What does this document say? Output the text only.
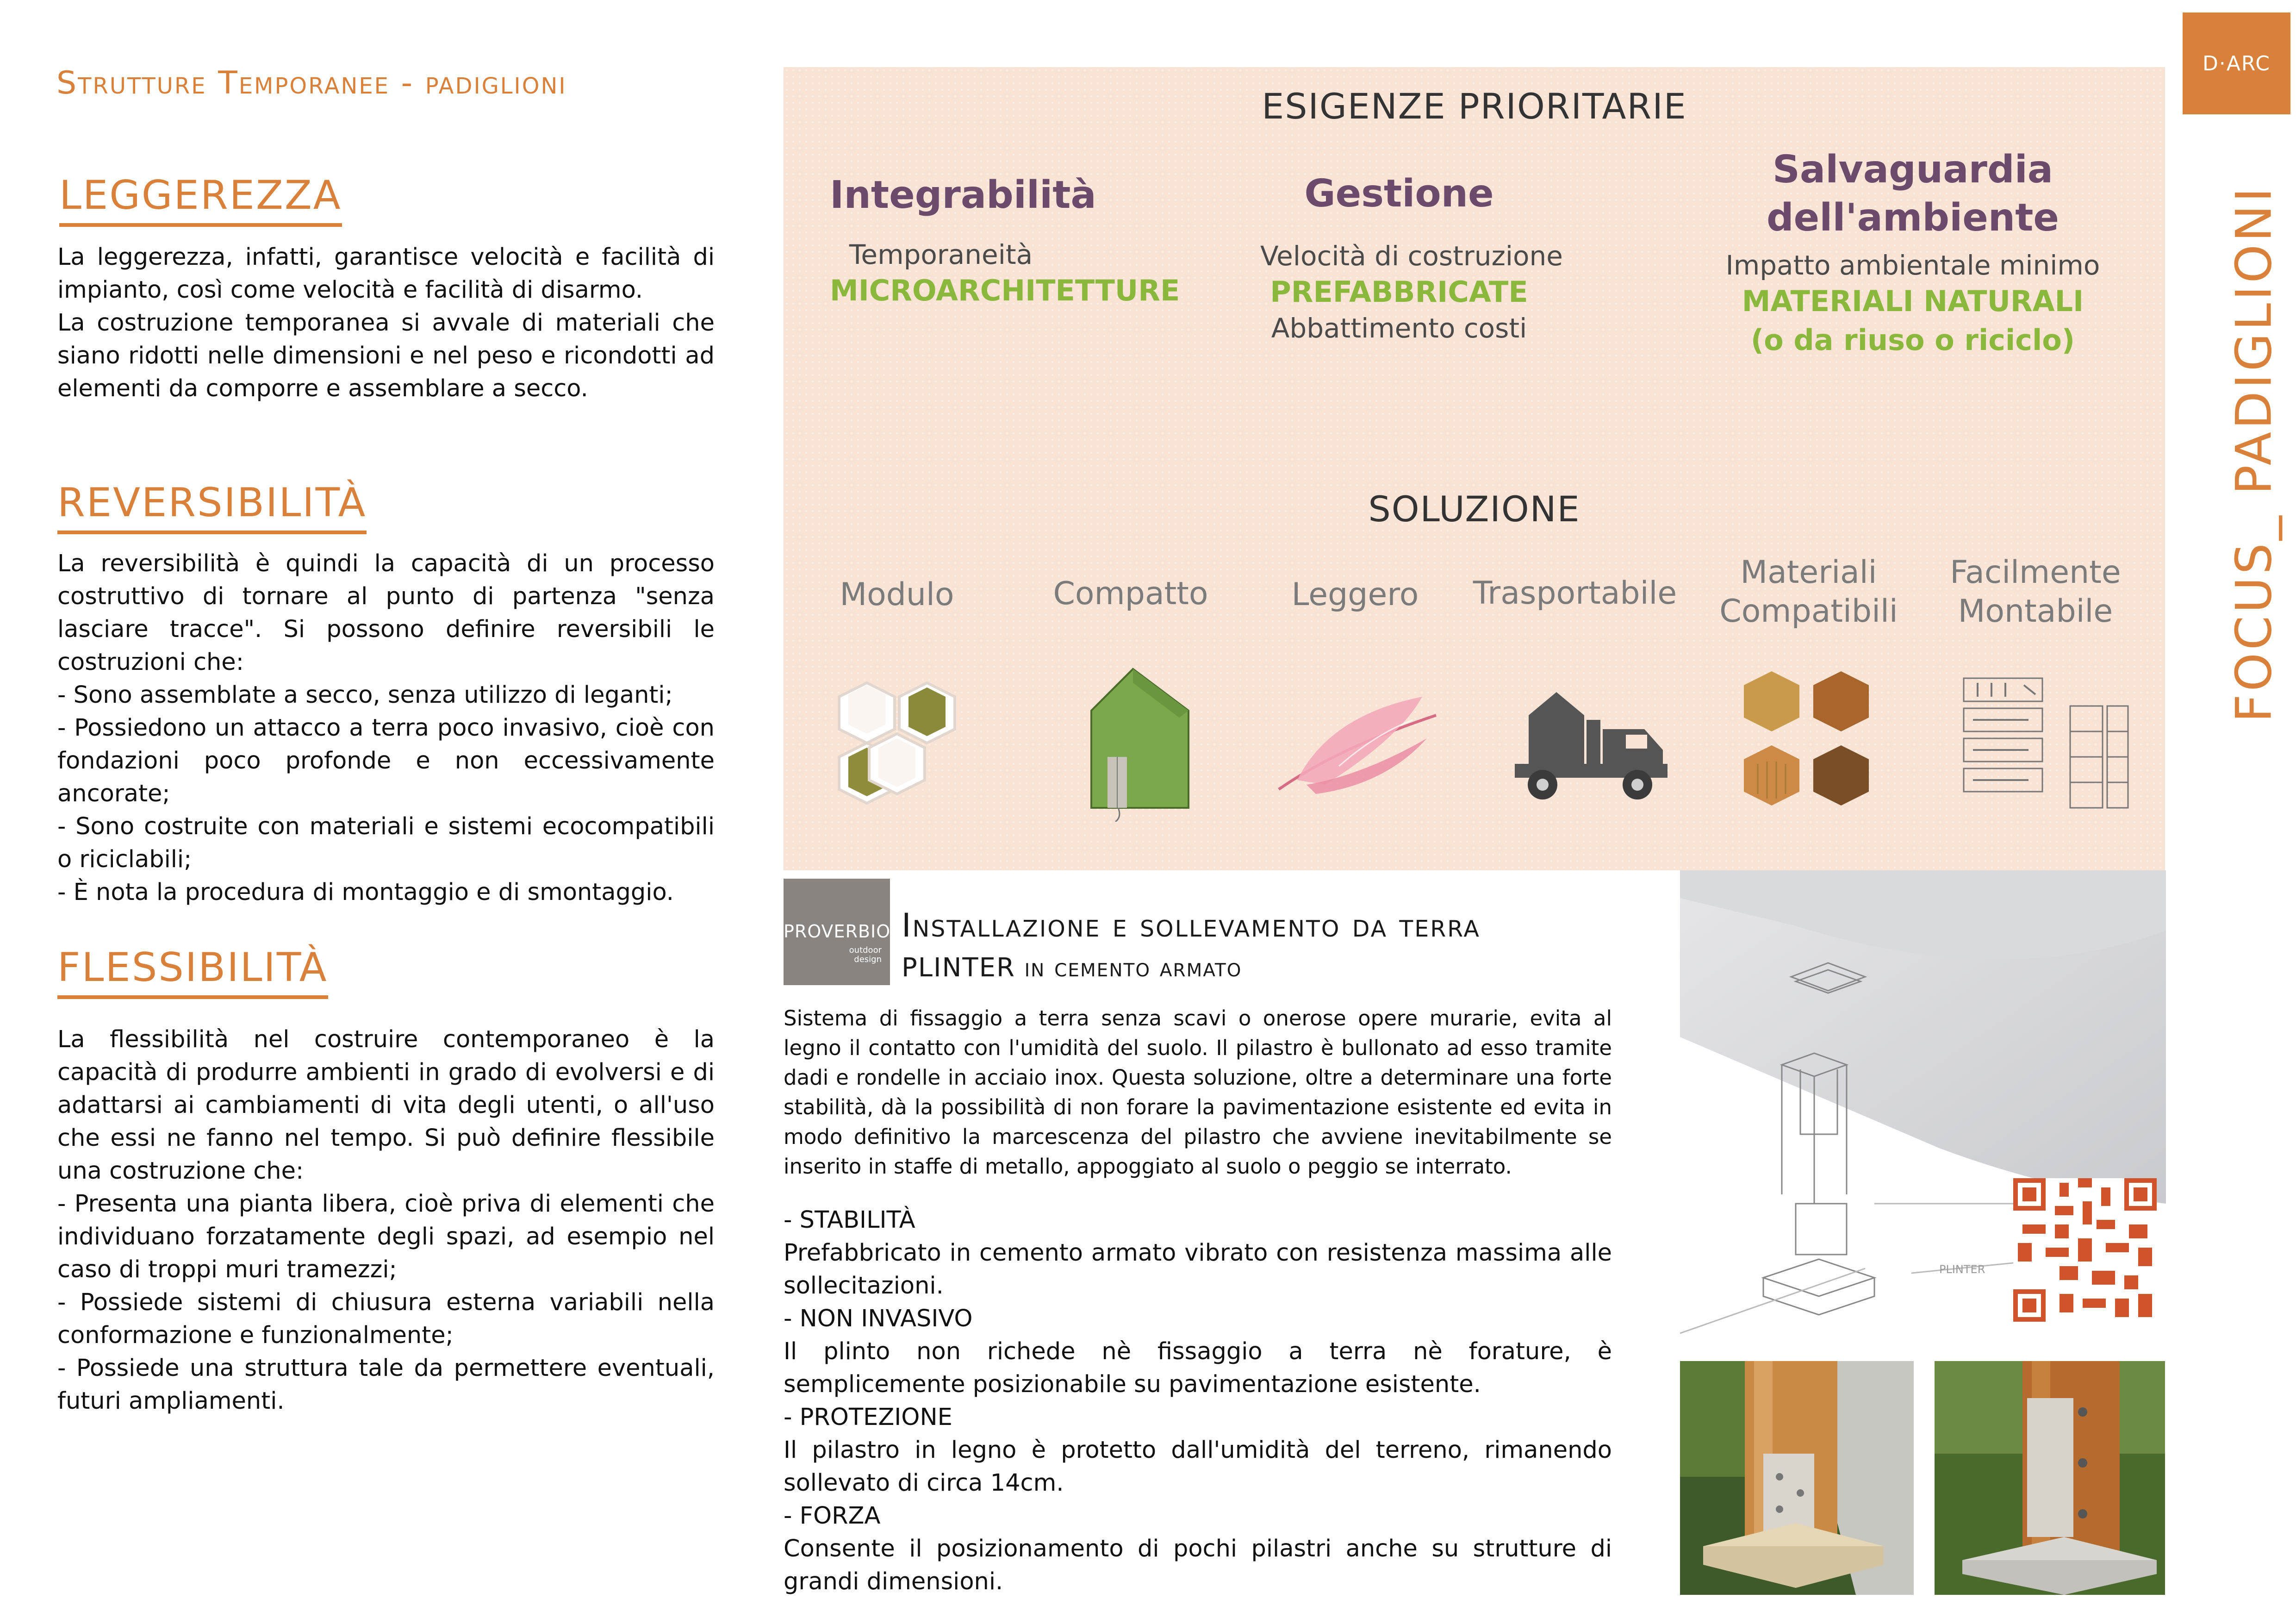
Strutture Temporanee - padiglioni
LEGGEREZZA

La leggerezza, infatti, garantisce velocità e facilità di impianto, così come velocità e facilità di disarmo.

La costruzione temporanea si avvale di materiali che siano ridotti nelle dimensioni e nel peso e ricondotti ad elementi da comporre e assemblare a secco.

REVERSIBILITÀ

La reversibilità è quindi la capacità di un processo costruttivo di tornare al punto di partenza "senza lasciare tracce". Si possono definire reversibili le costruzioni che:

- Sono assemblate a secco, senza utilizzo di leganti;

- Possiedono un attacco a terra poco invasivo, cioè con fondazioni poco profonde e non eccessivamente ancorate;

- Sono costruite con materiali e sistemi ecocompatibili o riciclabili;

- È nota la procedura di montaggio e di smontaggio.

FLESSIBILITÀ

La flessibilità nel costruire contemporaneo è la capacità di produrre ambienti in grado di evolversi e di adattarsi ai cambiamenti di vita degli utenti, o all'uso che essi ne fanno nel tempo. Si può definire flessibile una costruzione che:

- Presenta una pianta libera, cioè priva di elementi che individuano forzatamente degli spazi, ad esempio nel caso di troppi muri tramezzi;

- Possiede sistemi di chiusura esterna variabili nella conformazione e funzionalmente;

- Possiede una struttura tale da permettere eventuali, futuri ampliamenti.

D·ARC
FOCUS_ PADIGLIONI
ESIGENZE PRIORITARIE
Integrabilità
Temporaneità
MICROARCHITETTURE
Gestione
Velocità di costruzione
PREFABBRICATE
Abbattimento costi
Salvaguardia
dell'ambiente
Impatto ambientale minimo
MATERIALI NATURALI
(o da riuso o riciclo)
SOLUZIONE
Modulo	Compatto	Leggero	Trasportabile
Materiali
Compatibili
Facilmente
Montabile
PROVERBIO
outdoor
design
Installazione e sollevamento da terra
PLINTER in cemento armato

Sistema di fissaggio a terra senza scavi o onerose opere murarie, evita al legno il contatto con l'umidità del suolo. Il pilastro è bullonato ad esso tramite dadi e rondelle in acciaio inox. Questa soluzione, oltre a determinare una forte stabilità, dà la possibilità di non forare la pavimentazione esistente ed evita in modo definitivo la marcescenza del pilastro che avviene inevitabilmente se inserito in staffe di metallo, appoggiato al suolo o peggio se interrato.

- STABILITÀ

Prefabbricato in cemento armato vibrato con resistenza massima alle sollecitazioni.

- NON INVASIVO

Il plinto non richede nè fissaggio a terra nè forature, è semplicemente posizionabile su pavimentazione esistente.

- PROTEZIONE

Il pilastro in legno è protetto dall'umidità del terreno, rimanendo sollevato di circa 14cm.

- FORZA

Consente il posizionamento di pochi pilastri anche su strutture di grandi dimensioni.

PLINTER
